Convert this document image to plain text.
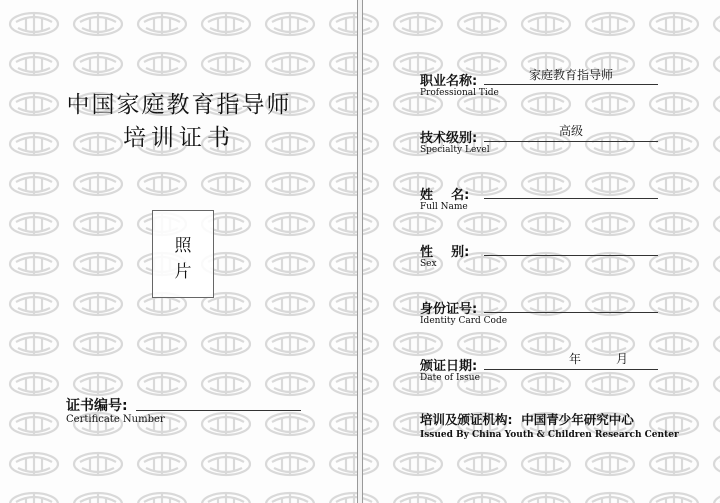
中国家庭教育指导师
培训证书
照
片
证书编号:
Certificate Number
职业名称:	家庭教育指导师
Professional Tide
技术级别:	高级
Specialty Level
姓    名:
Full Name
性    别:
Sex
身份证号:
Identity Card Code
颁证日期:	年	月
Date of Issue
培训及颁证机构:  中国青少年研究中心
Issued By China Youth & Children Research Center
